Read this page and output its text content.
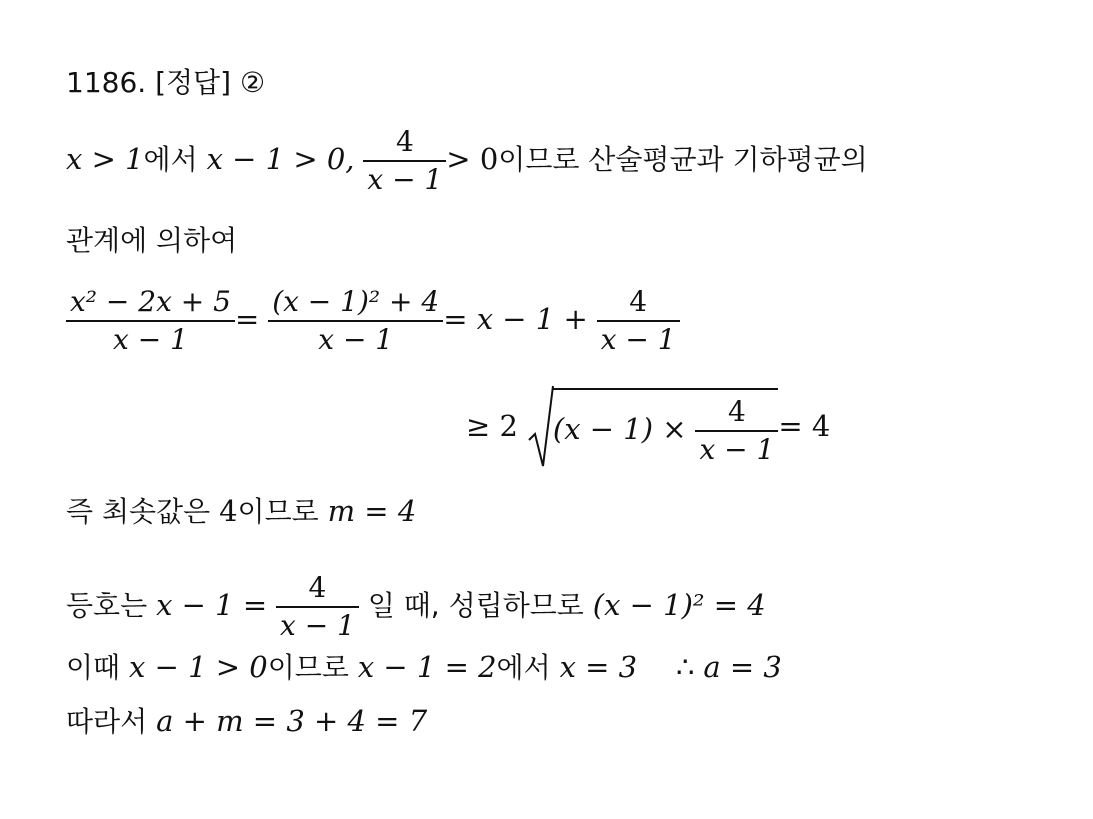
1186. [정답] ②
x > 1에서 x − 1 > 0, $\frac{4}{x - 1} > 0$이므로 산술평균과 기하평균의
관계에 의하여
$\frac{\text{x² − 2x + 5}}{x - 1} = \frac{\text{(x − 1)² + 4}}{x - 1} = x - 1 + \frac{4}{x - 1}$
≥ 2 $(x - 1) \times \frac{4}{x - 1} = 4$
즉 최솟값은 4이므로 m = 4
등호는 $x - 1 = \frac{4}{x - 1}$ 일 때, 성립하므로 (x − 1)² = 4
이때 x − 1 > 0이므로 x − 1 = 2에서 x = 3 ∴ a = 3
따라서 a + m = 3 + 4 = 7
